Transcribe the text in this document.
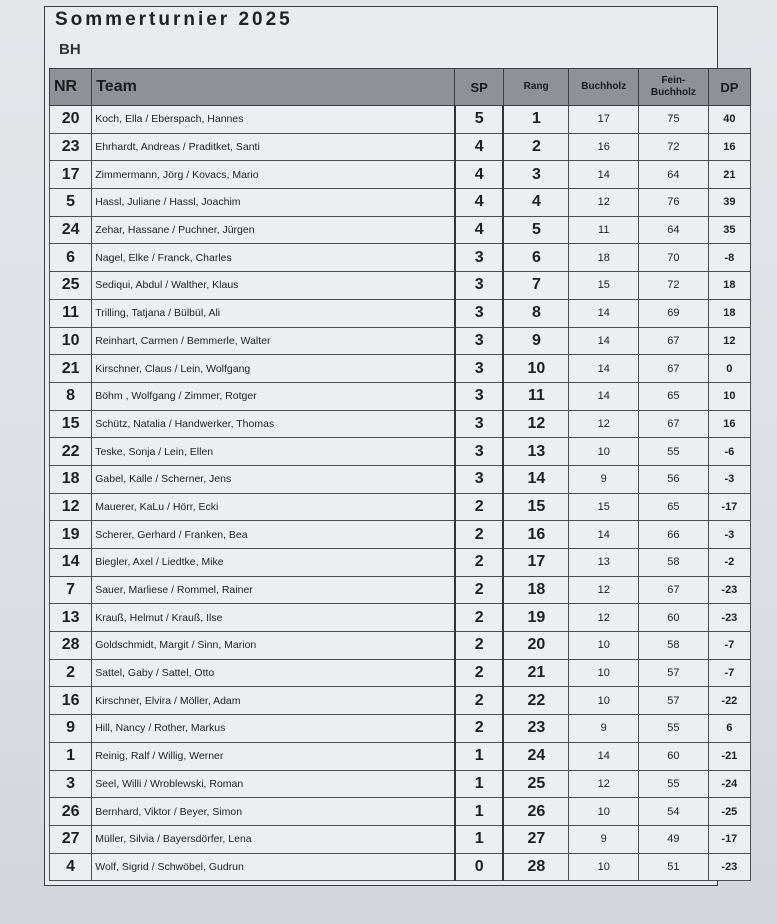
Sommerturnier 2025
BH
NR	Team	SP	Rang	Buchholz	Fein-Buchholz	DP
20	Koch, Ella / Eberspach, Hannes	5	1	17	75	40
23	Ehrhardt, Andreas / Praditket, Santi	4	2	16	72	16
17	Zimmermann, Jörg / Kovacs, Mario	4	3	14	64	21
5	Hassl, Juliane / Hassl, Joachim	4	4	12	76	39
24	Zehar, Hassane / Puchner, Jürgen	4	5	11	64	35
6	Nagel, Elke / Franck, Charles	3	6	18	70	-8
25	Sediqui, Abdul / Walther, Klaus	3	7	15	72	18
11	Trilling, Tatjana / Bülbül, Ali	3	8	14	69	18
10	Reinhart, Carmen / Bemmerle, Walter	3	9	14	67	12
21	Kirschner, Claus / Lein, Wolfgang	3	10	14	67	0
8	Böhm , Wolfgang / Zimmer, Rotger	3	11	14	65	10
15	Schütz, Natalia / Handwerker, Thomas	3	12	12	67	16
22	Teske, Sonja / Lein, Ellen	3	13	10	55	-6
18	Gabel, Kalle / Scherner, Jens	3	14	9	56	-3
12	Mauerer, KaLu / Hörr, Ecki	2	15	15	65	-17
19	Scherer, Gerhard / Franken, Bea	2	16	14	66	-3
14	Biegler, Axel / Liedtke, Mike	2	17	13	58	-2
7	Sauer, Marliese / Rommel, Rainer	2	18	12	67	-23
13	Krauß, Helmut / Krauß, Ilse	2	19	12	60	-23
28	Goldschmidt, Margit / Sinn, Marion	2	20	10	58	-7
2	Sattel, Gaby / Sattel, Otto	2	21	10	57	-7
16	Kirschner, Elvira / Möller, Adam	2	22	10	57	-22
9	Hill, Nancy / Rother, Markus	2	23	9	55	6
1	Reinig, Ralf / Willig, Werner	1	24	14	60	-21
3	Seel, Willi / Wroblewski, Roman	1	25	12	55	-24
26	Bernhard, Viktor / Beyer, Simon	1	26	10	54	-25
27	Müller, Silvia / Bayersdörfer, Lena	1	27	9	49	-17
4	Wolf, Sigrid / Schwöbel, Gudrun	0	28	10	51	-23
